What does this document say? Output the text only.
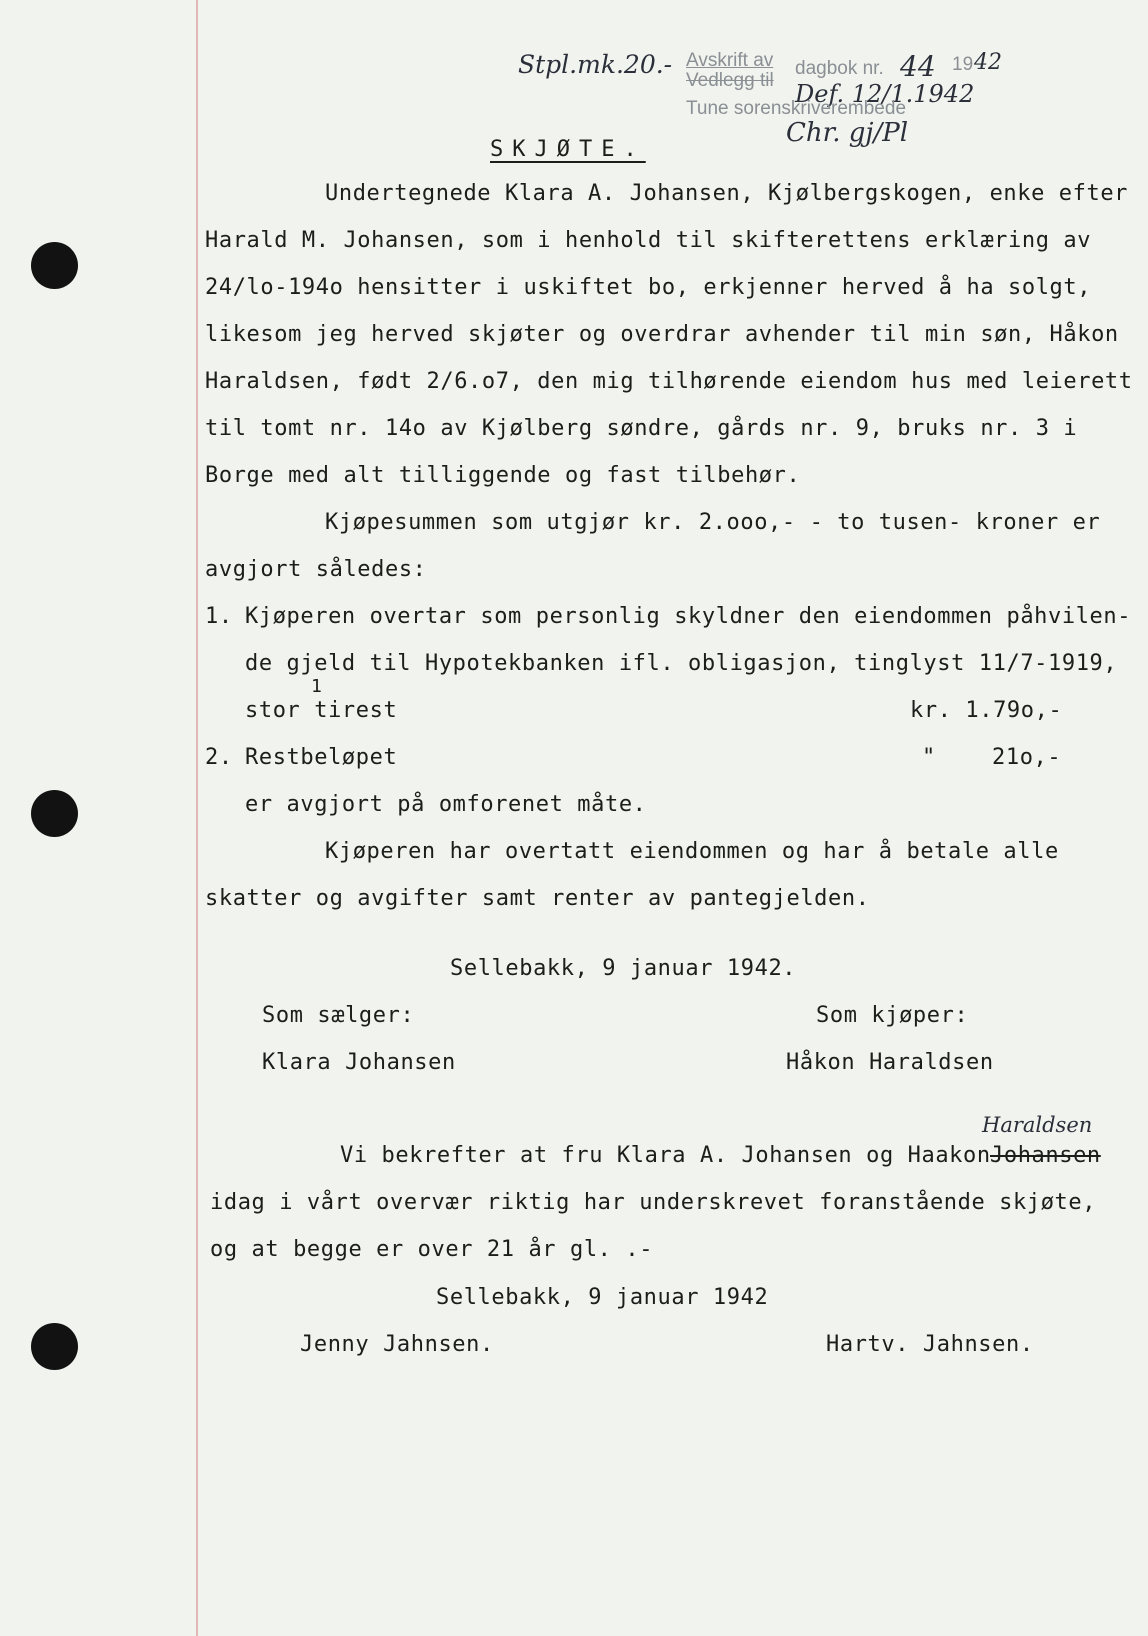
Stpl.mk.20.- Avskrift av
Vedlegg til
dagbok nr. 44 19 42
Def. 12/1.1942
Tune sorenskriverembede
Chr. gj/Pl
SKJØTE.
Undertegnede Klara A. Johansen, Kjølbergskogen, enke efter
Harald M. Johansen, som i henhold til skifterettens erklæring av
24/lo-194o hensitter i uskiftet bo, erkjenner herved å ha solgt,
likesom jeg herved skjøter og overdrar avhender til min søn, Håkon
Haraldsen, født 2/6.o7, den mig tilhørende eiendom hus med leierett
til tomt nr. 14o av Kjølberg søndre, gårds nr. 9, bruks nr. 3 i
Borge med alt tilliggende og fast tilbehør.
Kjøpesummen som utgjør kr. 2.ooo,- - to tusen- kroner er
avgjort således:
1. Kjøperen overtar som personlig skyldner den eiendommen påhvilen-
de gjeld til Hypotekbanken ifl. obligasjon, tinglyst 11/7-1919,
1
stor tirest	kr. 1.79o,-
2. Restbeløpet	"	21o,-
er avgjort på omforenet måte.
Kjøperen har overtatt eiendommen og har å betale alle
skatter og avgifter samt renter av pantegjelden.
Sellebakk, 9 januar 1942.
Som sælger:	Som kjøper:
Klara Johansen	Håkon Haraldsen
Haraldsen
Vi bekrefter at fru Klara A. Johansen og Haakon Johansen
idag i vårt overvær riktig har underskrevet foranstående skjøte,
og at begge er over 21 år gl. .-
Sellebakk, 9 januar 1942
Jenny Jahnsen.	Hartv. Jahnsen.
